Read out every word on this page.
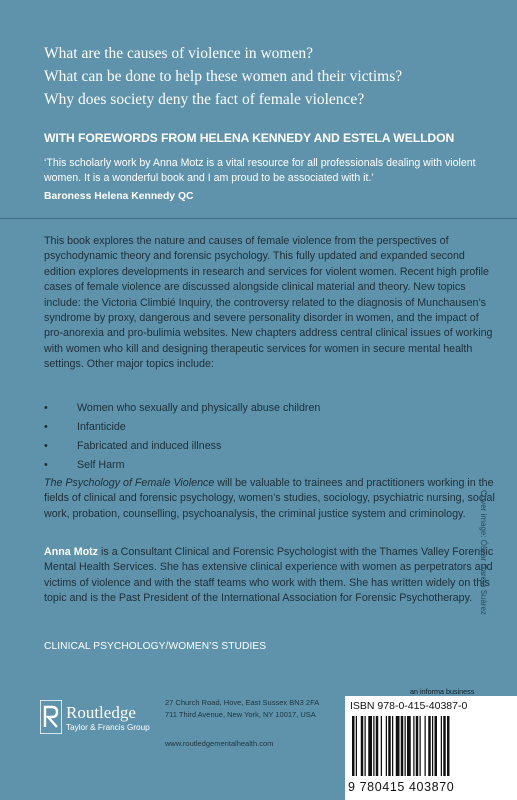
What are the causes of violence in women?
What can be done to help these women and their victims?
Why does society deny the fact of female violence?
WITH FOREWORDS FROM HELENA KENNEDY AND ESTELA WELLDON
‘This scholarly work by Anna Motz is a vital resource for all professionals dealing with violent women. It is a wonderful book and I am proud to be associated with it.’
Baroness Helena Kennedy QC

This book explores the nature and causes of female violence from the perspectives of psychodynamic theory and forensic psychology. This fully updated and expanded second edition explores developments in research and services for violent women. Recent high profile cases of female violence are discussed alongside clinical material and theory. New topics include: the Victoria Climbié Inquiry, the controversy related to the diagnosis of Munchausen’s syndrome by proxy, dangerous and severe personality disorder in women, and the impact of pro-anorexia and pro-bulimia websites. New chapters address central clinical issues of working with women who kill and designing therapeutic services for women in secure mental health settings. Other major topics include:

•	Women who sexually and physically abuse children
•	Infanticide
•	Fabricated and induced illness
•	Self Harm
The Psychology of Female Violence will be valuable to trainees and practitioners working in the fields of clinical and forensic psychology, women’s studies, sociology, psychiatric nursing, social work, probation, counselling, psychoanalysis, the criminal justice system and criminology.
Anna Motz is a Consultant Clinical and Forensic Psychologist with the Thames Valley Forensic Mental Health Services. She has extensive clinical experience with women as perpetrators and victims of violence and with the staff teams who work with them. She has written widely on this topic and is the Past President of the International Association for Forensic Psychotherapy.
CLINICAL PSYCHOLOGY/WOMEN’S STUDIES
Cover image: Óscar García Suárez
Routledge
Taylor & Francis Group
27 Church Road, Hove, East Sussex BN3 2FA
711 Third Avenue, New York, NY 10017, USA
www.routledgementalhealth.com
an informa business
ISBN 978-0-415-40387-0
9 780415 403870
